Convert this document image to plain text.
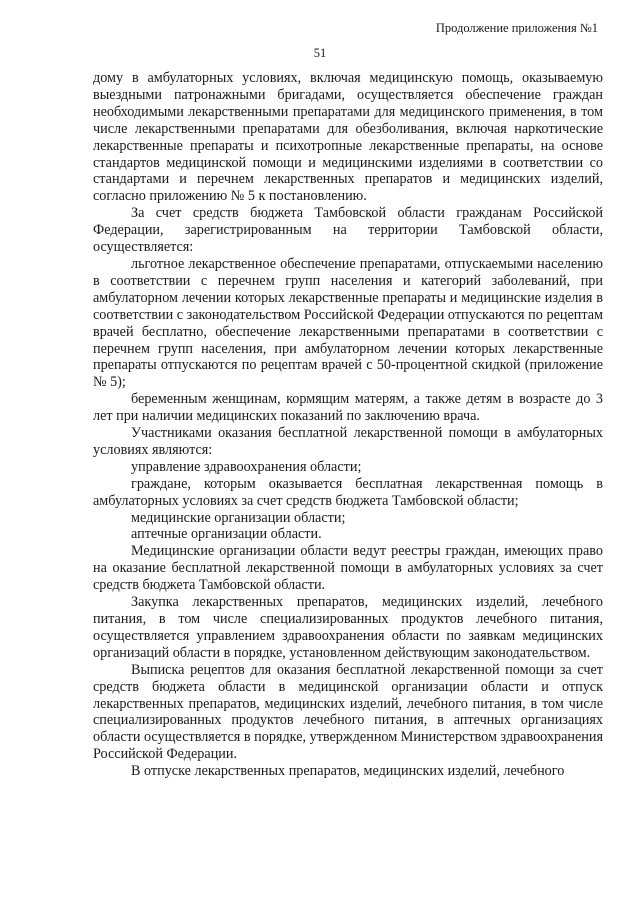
Продолжение приложения №1
51

дому в амбулаторных условиях, включая медицинскую помощь, оказываемую выездными патронажными бригадами, осуществляется обеспечение граждан необходимыми лекарственными препаратами для медицинского применения, в том числе лекарственными препаратами для обезболивания, включая наркотические лекарственные препараты и психотропные лекарственные препараты, на основе стандартов медицинской помощи и медицинскими изделиями в соответствии со стандартами и перечнем лекарственных препаратов и медицинских изделий, согласно приложению № 5 к постановлению.

За счет средств бюджета Тамбовской области гражданам Российской Федерации, зарегистрированным на территории Тамбовской области, осуществляется:

льготное лекарственное обеспечение препаратами, отпускаемыми населению в соответствии с перечнем групп населения и категорий заболеваний, при амбулаторном лечении которых лекарственные препараты и медицинские изделия в соответствии с законодательством Российской Федерации отпускаются по рецептам врачей бесплатно, обеспечение лекарственными препаратами в соответствии с перечнем групп населения, при амбулаторном лечении которых лекарственные препараты отпускаются по рецептам врачей с 50-процентной скидкой (приложение № 5);

беременным женщинам, кормящим матерям, а также детям в возрасте до 3 лет при наличии медицинских показаний по заключению врача.

Участниками оказания бесплатной лекарственной помощи в амбулаторных условиях являются:

управление здравоохранения области;

граждане, которым оказывается бесплатная лекарственная помощь в амбулаторных условиях за счет средств бюджета Тамбовской области;

медицинские организации области;

аптечные организации области.

Медицинские организации области ведут реестры граждан, имеющих право на оказание бесплатной лекарственной помощи в амбулаторных условиях за счет средств бюджета Тамбовской области.

Закупка лекарственных препаратов, медицинских изделий, лечебного питания, в том числе специализированных продуктов лечебного питания, осуществляется управлением здравоохранения области по заявкам медицинских организаций области в порядке, установленном действующим законодательством.

Выписка рецептов для оказания бесплатной лекарственной помощи за счет средств бюджета области в медицинской организации области и отпуск лекарственных препаратов, медицинских изделий, лечебного питания, в том числе специализированных продуктов лечебного питания, в аптечных организациях области осуществляется в порядке, утвержденном Министерством здравоохранения Российской Федерации.

В отпуске лекарственных препаратов, медицинских изделий, лечебного
